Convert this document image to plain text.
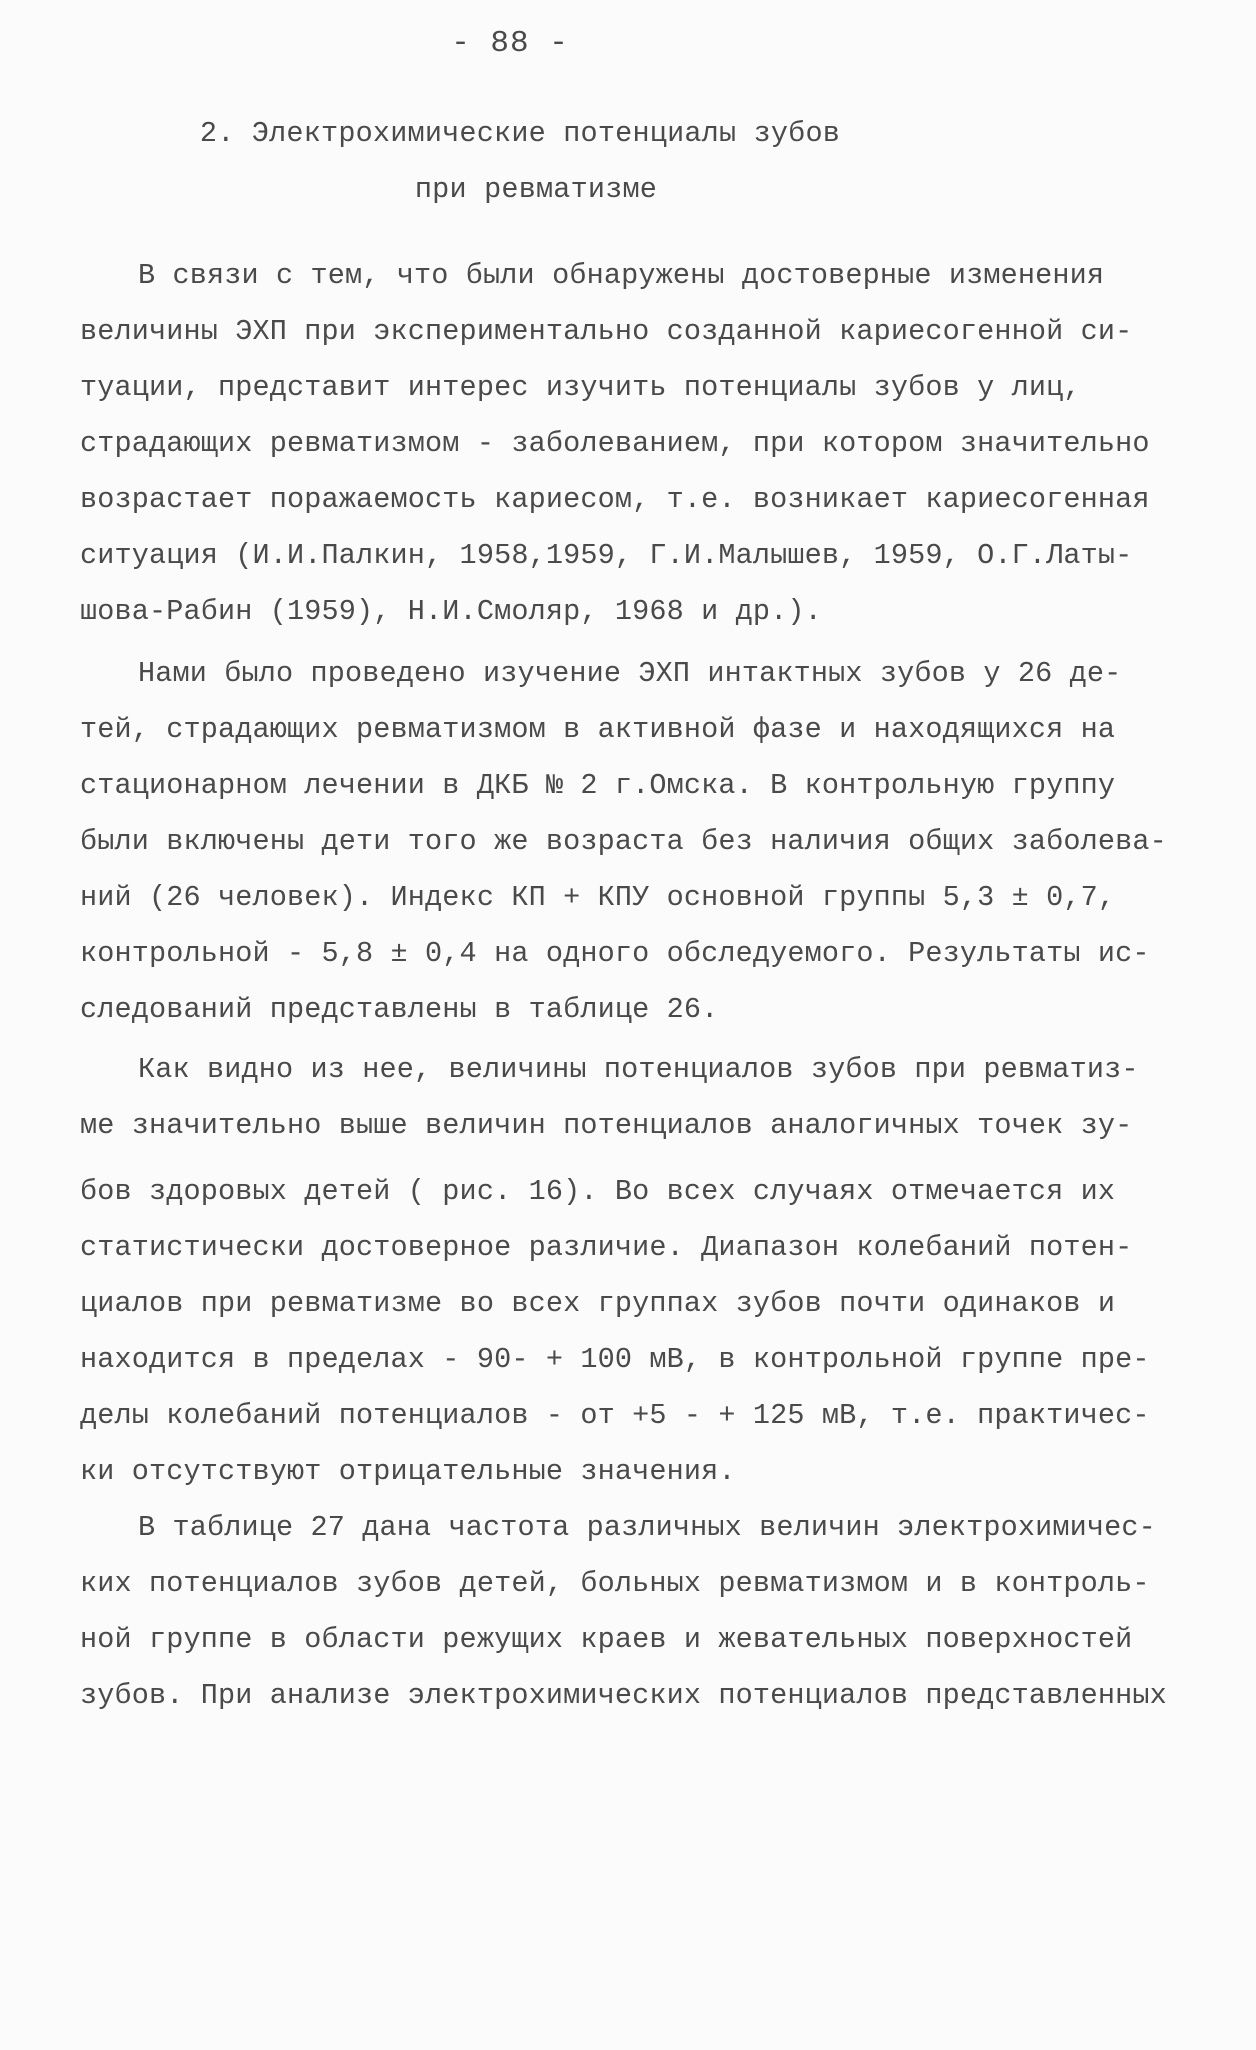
- 88 -
2. Электрохимические потенциалы зубов
при ревматизме
В связи с тем, что были обнаружены достоверные изменения
величины ЭХП при экспериментально созданной кариесогенной си-
туации, представит интерес изучить потенциалы зубов у лиц,
страдающих ревматизмом - заболеванием, при котором значительно
возрастает поражаемость кариесом, т.е. возникает кариесогенная
ситуация (И.И.Палкин, 1958,1959, Г.И.Малышев, 1959, О.Г.Латы-
шова-Рабин (1959), Н.И.Смоляр, 1968 и др.).
Нами было проведено изучение ЭХП интактных зубов у 26 де-
тей, страдающих ревматизмом в активной фазе и находящихся на
стационарном лечении в ДКБ № 2 г.Омска. В контрольную группу
были включены дети того же возраста без наличия общих заболева-
ний (26 человек). Индекс КП + КПУ основной группы 5,3 ± 0,7,
контрольной - 5,8 ± 0,4 на одного обследуемого. Результаты ис-
следований представлены в таблице 26.
Как видно из нее, величины потенциалов зубов при ревматиз-
ме значительно выше величин потенциалов аналогичных точек зу-
бов здоровых детей ( рис. 16). Во всех случаях отмечается их
статистически достоверное различие. Диапазон колебаний потен-
циалов при ревматизме во всех группах зубов почти одинаков и
находится в пределах - 90- + 100 мВ, в контрольной группе пре-
делы колебаний потенциалов - от +5 - + 125 мВ, т.е. практичес-
ки отсутствуют отрицательные значения.
В таблице 27 дана частота различных величин электрохимичес-
ких потенциалов зубов детей, больных ревматизмом и в контроль-
ной группе в области режущих краев и жевательных поверхностей
зубов. При анализе электрохимических потенциалов представленных
